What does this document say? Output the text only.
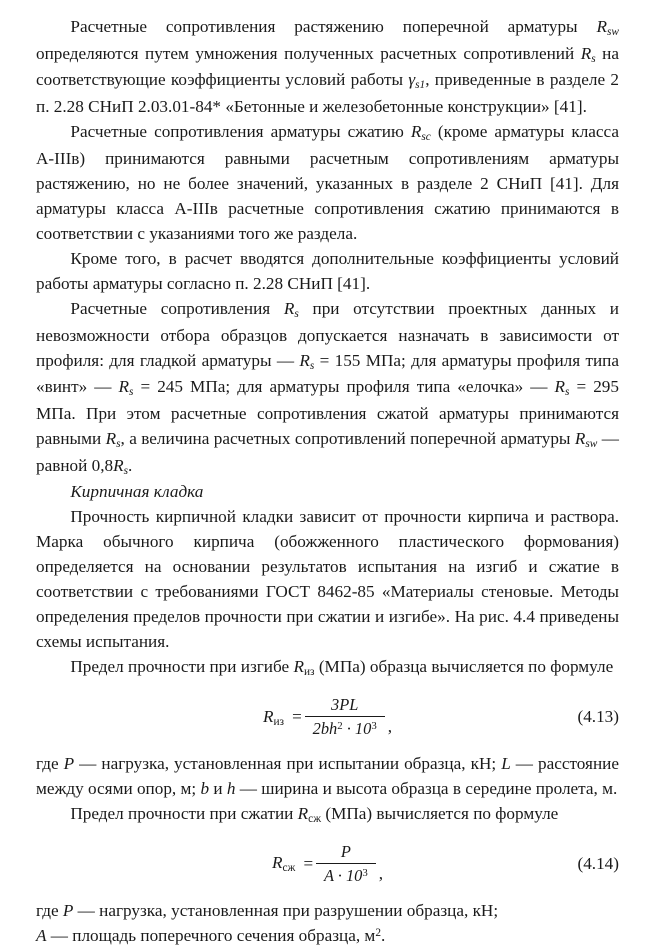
Расчетные сопротивления растяжению поперечной арматуры $R_{sw}$ определяются путем умножения полученных расчетных сопротивлений $R_s$ на соответствующие коэффициенты условий работы $\gamma_{s1}$, приведенные в разделе 2 п. 2.28 СНиП 2.03.01-84* «Бетонные и железобетонные конструкции» [41].

Расчетные сопротивления арматуры сжатию $R_{sc}$ (кроме арматуры класса А-IIIв) принимаются равными расчетным сопротивлениям арматуры растяжению, но не более значений, указанных в разделе 2 СНиП [41]. Для арматуры класса А-IIIв расчетные сопротивления сжатию принимаются в соответствии с указаниями того же раздела.

Кроме того, в расчет вводятся дополнительные коэффициенты условий работы арматуры согласно п. 2.28 СНиП [41].

Расчетные сопротивления $R_s$ при отсутствии проектных данных и невозможности отбора образцов допускается назначать в зависимости от профиля: для гладкой арматуры — $R_s = 155$ МПа; для арматуры профиля типа «винт» — $R_s = 245$ МПа; для арматуры профиля типа «елочка» — $R_s = 295$ МПа. При этом расчетные сопротивления сжатой арматуры принимаются равными $R_s$, а величина расчетных сопротивлений поперечной арматуры $R_{sw}$ — равной $0,8R_s$.

Кирпичная кладка

Прочность кирпичной кладки зависит от прочности кирпича и раствора. Марка обычного кирпича (обожженного пластического формования) определяется на основании результатов испытания на изгиб и сжатие в соответствии с требованиями ГОСТ 8462-85 «Материалы стеновые. Методы определения пределов прочности при сжатии и изгибе». На рис. 4.4 приведены схемы испытания.

Предел прочности при изгибе $R_{из}$ (МПа) образца вычисляется по формуле

$R_{из} = \frac{3PL}{2bh^2 \cdot 10^3}$ ,
(4.13)

где P — нагрузка, установленная при испытании образца, кН; L — расстояние между осями опор, м; b и h — ширина и высота образца в середине пролета, м.

Предел прочности при сжатии $R_{сж}$ (МПа) вычисляется по формуле

$R_{сж} = \frac{P}{A \cdot 10^3}$ ,
(4.14)

где P — нагрузка, установленная при разрушении образца, кН;

A — площадь поперечного сечения образца, $м^2$.
